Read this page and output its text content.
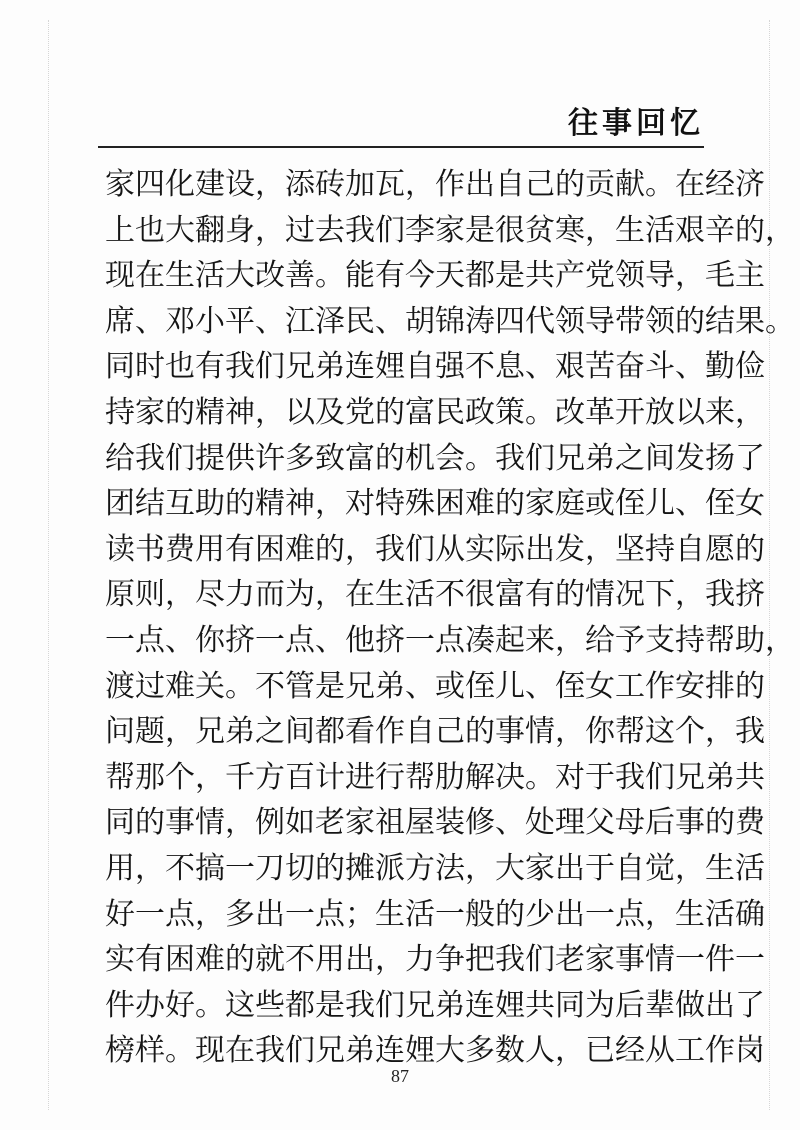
往事回忆
家四化建设，添砖加瓦，作出自己的贡献。在经济
上也大翻身，过去我们李家是很贫寒，生活艰辛的，
现在生活大改善。能有今天都是共产党领导，毛主
席、邓小平、江泽民、胡锦涛四代领导带领的结果。
同时也有我们兄弟连娌自强不息、艰苦奋斗、勤俭
持家的精神，以及党的富民政策。改革开放以来，
给我们提供许多致富的机会。我们兄弟之间发扬了
团结互助的精神，对特殊困难的家庭或侄儿、侄女
读书费用有困难的，我们从实际出发，坚持自愿的
原则，尽力而为，在生活不很富有的情况下，我挤
一点、你挤一点、他挤一点凑起来，给予支持帮助，
渡过难关。不管是兄弟、或侄儿、侄女工作安排的
问题，兄弟之间都看作自己的事情，你帮这个，我
帮那个，千方百计进行帮肋解决。对于我们兄弟共
同的事情，例如老家祖屋装修、处理父母后事的费
用，不搞一刀切的摊派方法，大家出于自觉，生活
好一点，多出一点；生活一般的少出一点，生活确
实有困难的就不用出，力争把我们老家事情一件一
件办好。这些都是我们兄弟连娌共同为后辈做出了
榜样。现在我们兄弟连娌大多数人，已经从工作岗
87
